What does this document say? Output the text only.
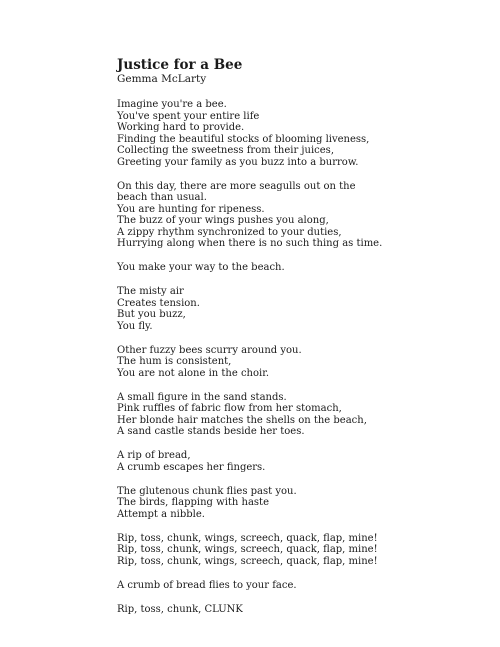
Justice for a Bee
Gemma McLarty
Imagine you're a bee.
You've spent your entire life
Working hard to provide.
Finding the beautiful stocks of blooming liveness,
Collecting the sweetness from their juices,
Greeting your family as you buzz into a burrow.
On this day, there are more seagulls out on the beach than usual.
You are hunting for ripeness.
The buzz of your wings pushes you along,
A zippy rhythm synchronized to your duties,
Hurrying along when there is no such thing as time.
You make your way to the beach.
The misty air
Creates tension.
But you buzz,
You fly.
Other fuzzy bees scurry around you.
The hum is consistent,
You are not alone in the choir.
A small figure in the sand stands.
Pink ruffles of fabric flow from her stomach,
Her blonde hair matches the shells on the beach,
A sand castle stands beside her toes.
A rip of bread,
A crumb escapes her fingers.
The glutenous chunk flies past you.
The birds, flapping with haste
Attempt a nibble.
Rip, toss, chunk, wings, screech, quack, flap, mine!
Rip, toss, chunk, wings, screech, quack, flap, mine!
Rip, toss, chunk, wings, screech, quack, flap, mine!
A crumb of bread flies to your face.
Rip, toss, chunk, CLUNK
